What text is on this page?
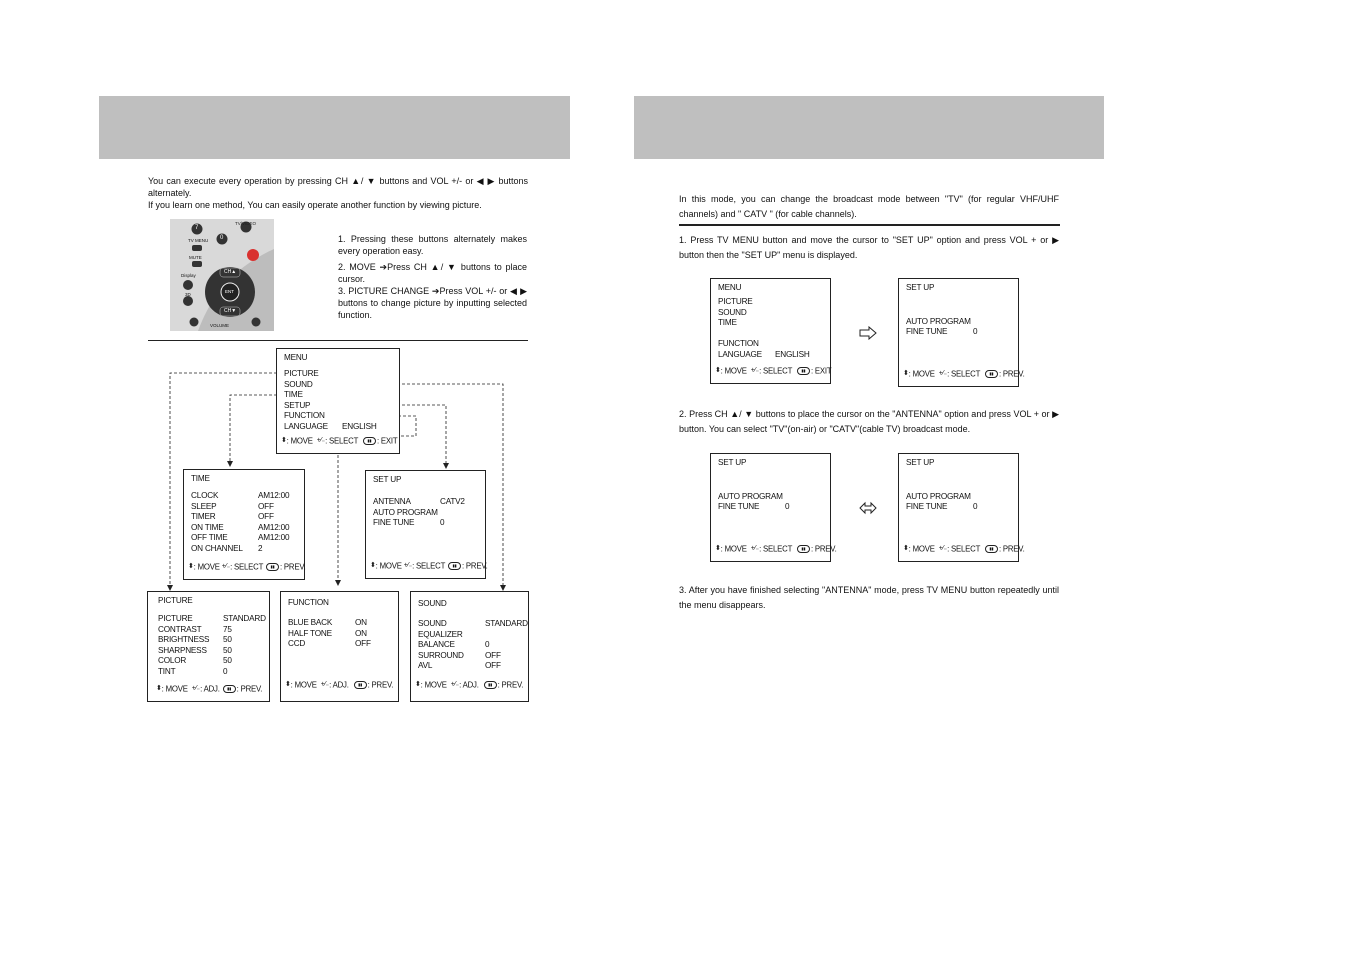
You can execute every operation by pressing CH ▲/ ▼ buttons and VOL +/- or ◀ ▶ buttons alternately.

If you learn one method, You can easily operate another function by viewing picture.

TV/VIDEO
7
0
TV MENU
MUTE
Display
3D
CH▲
ENT
CH▼
VOLUME

1. Pressing these buttons alternately makes every operation easy.

2. MOVE ➔Press CH ▲/ ▼ buttons to place cursor.

3. PICTURE CHANGE ➔Press VOL +/- or ◀ ▶ buttons to change picture by inputting selected function.

MENU
PICTURE
SOUND
TIME
SETUP
FUNCTION
LANGUAGE ENGLISH
⬍: MOVE +⁄₋: SELECT ▮▮ : EXIT
TIME
CLOCK	AM12:00
SLEEP	OFF
TIMER	OFF
ON TIME	AM12:00
OFF TIME	AM12:00
ON CHANNEL 2
⬍: MOVE +⁄₋: SELECT ▮▮ : PREV.
SET UP
ANTENNA	CATV2
AUTO PROGRAM
FINE TUNE	0
⬍: MOVE +⁄₋: SELECT ▮▮ : PREV.
PICTURE
PICTURE	STANDARD
CONTRAST	75
BRIGHTNESS 50
SHARPNESS 50
COLOR	50
TINT	0
⬍: MOVE +⁄₋: ADJ. ▮▮ : PREV.
FUNCTION
BLUE BACK	ON
HALF TONE	ON
CCD	OFF
⬍: MOVE +⁄₋: ADJ. ▮▮ : PREV.
SOUND
SOUND	STANDARD
EQUALIZER
BALANCE	0
SURROUND	OFF
AVL	OFF
⬍: MOVE +⁄₋: ADJ. ▮▮ : PREV.

In this mode, you can change the broadcast mode between "TV" (for regular VHF/UHF channels) and " CATV " (for cable channels).

1. Press TV MENU button and move the cursor to "SET UP" option and press VOL + or ▶ button then the "SET UP" menu is displayed.

MENU
PICTURE
SOUND
TIME
FUNCTION
LANGUAGE ENGLISH
⬍: MOVE +⁄₋: SELECT ▮▮ : EXIT
SET UP
AUTO PROGRAM
FINE TUNE	0
⬍: MOVE +⁄₋: SELECT ▮▮ : PREV.

2. Press CH ▲/ ▼ buttons to place the cursor on the "ANTENNA" option and press VOL + or ▶ button. You can select "TV"(on-air) or "CATV"(cable TV) broadcast mode.

SET UP
AUTO PROGRAM
FINE TUNE	0
⬍: MOVE +⁄₋: SELECT ▮▮ : PREV.
SET UP
AUTO PROGRAM
FINE TUNE	0
⬍: MOVE +⁄₋: SELECT ▮▮ : PREV.

3. After you have finished selecting "ANTENNA" mode, press TV MENU button repeatedly until the menu disappears.
